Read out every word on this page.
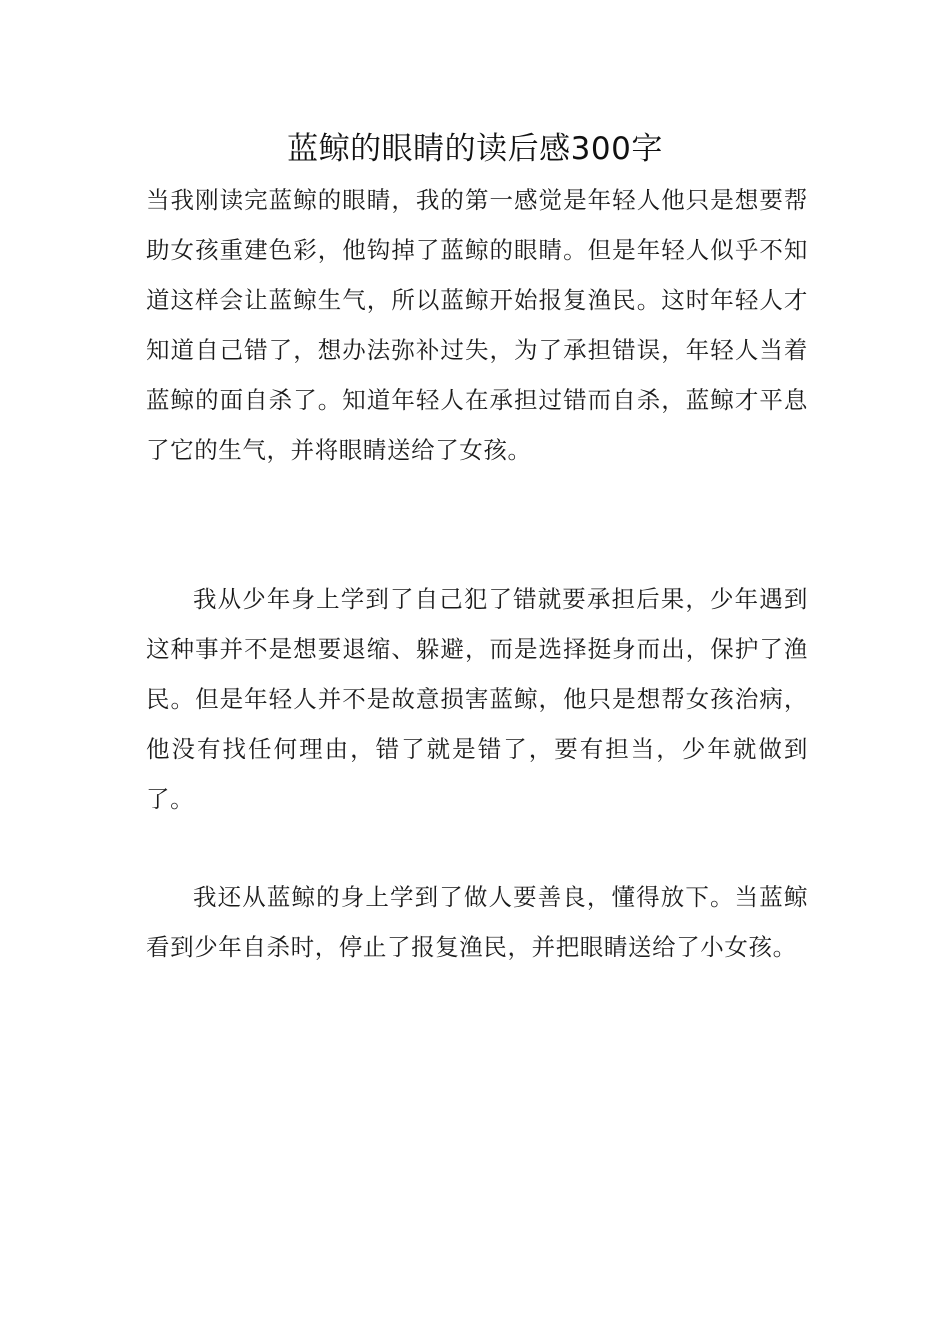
蓝鲸的眼睛的读后感300字
当我刚读完蓝鲸的眼睛，我的第一感觉是年轻人他只是想要帮助女孩重建色彩，他钩掉了蓝鲸的眼睛。但是年轻人似乎不知道这样会让蓝鲸生气，所以蓝鲸开始报复渔民。这时年轻人才知道自己错了，想办法弥补过失，为了承担错误，年轻人当着蓝鲸的面自杀了。知道年轻人在承担过错而自杀，蓝鲸才平息了它的生气，并将眼睛送给了女孩。
我从少年身上学到了自己犯了错就要承担后果，少年遇到这种事并不是想要退缩、躲避，而是选择挺身而出，保护了渔民。但是年轻人并不是故意损害蓝鲸，他只是想帮女孩治病，他没有找任何理由，错了就是错了，要有担当，少年就做到了。
我还从蓝鲸的身上学到了做人要善良，懂得放下。当蓝鲸看到少年自杀时，停止了报复渔民，并把眼睛送给了小女孩。
